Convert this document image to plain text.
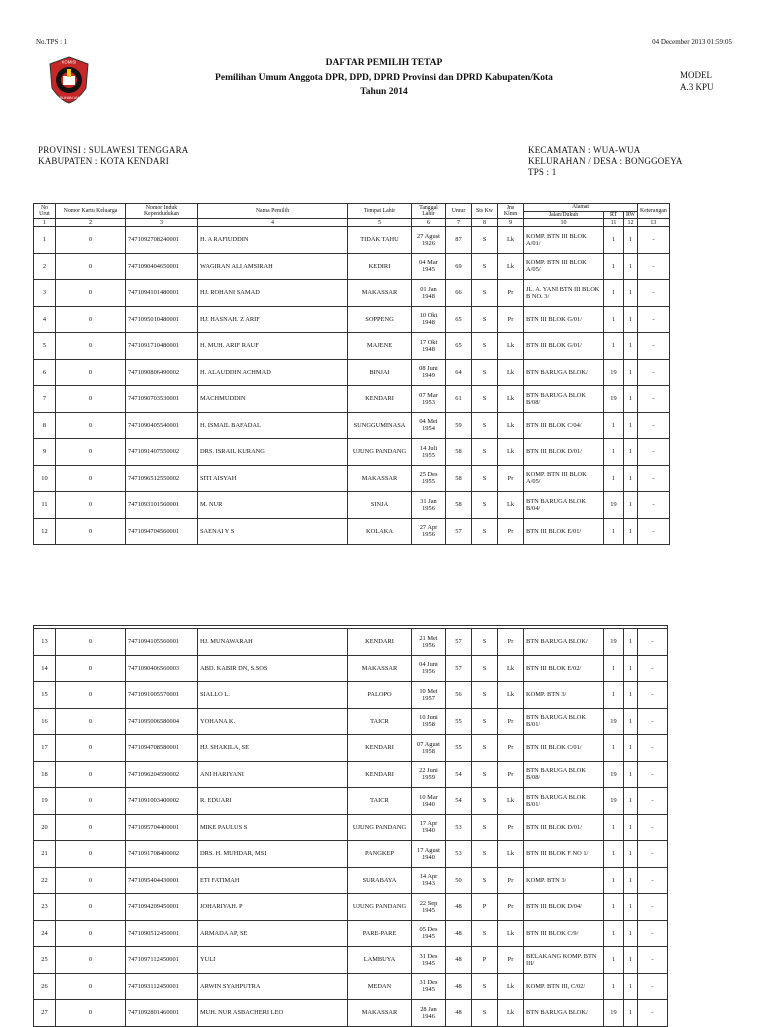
No.TPS : 1	04 December 2013 01:59:05
KOMISI
PEMILIHAN UMUM
DAFTAR PEMILIH TETAP
Pemilihan Umum Anggota DPR, DPD, DPRD Provinsi dan DPRD Kabupaten/Kota
Tahun 2014
MODEL
A.3 KPU
PROVINSI : SULAWESI TENGGARA
KABUPATEN : KOTA KENDARI
KECAMATAN : WUA-WUA
KELURAHAN / DESA : BONGGOEYA
TPS : 1
No Urut	Nomor Kartu Keluarga	Nomor Induk Kependudukan	Nama Pemilih	Tempat Lahir	Tanggal Lahir	Umur	Sts Kw	Jns Klmn	Alamat			Keterangan
									Jalan/Dukuh	RT	RW	
1	2	3	4	5	6	7	8	9	10	11	12	13
1	0	7471092708240001	H. A RAFIUDDIN	TIDAK TAHU	27 Agust 1926	87	S	Lk	KOMP. BTN III BLOK A/01/	1	1	-
2	0	7471090404650001	WAGIRAN ALI AMSIRAH	KEDIRI	04 Mar 1945	69	S	Lk	KOMP. BTN III BLOK A/05/	1	1	-
3	0	7471094101480001	HJ. ROHANI SAMAD	MAKASSAR	01 Jan 1948	66	S	Pr	JL. A. YANI BTN III BLOK B NO. 3/	1	1	-
4	0	7471095010480001	HJ. HASNAH. Z ARIF	SOPPENG	10 Okt 1948	65	S	Pr	BTN III BLOK G/01/	1	1	-
5	0	7471091710480001	H. MUH. ARIF RAUF	MAJENE	17 Okt 1948	65	S	Lk	BTN III BLOK G/01/	1	1	-
6	0	7471090806490002	H. ALAUDDIN ACHMAD	BINJAI	08 Juni 1949	64	S	Lk	BTN BARUGA BLOK/	19	1	-
7	0	7471090703530001	MACHMUDDIN	KENDARI	07 Mar 1953	61	S	Lk	BTN BARUGA BLOK B/08/	19	1	-
8	0	7471090405540001	H. ISMAIL BAFADAL	SUNGGUMINASA	04 Mei 1954	59	S	Lk	BTN III BLOK C/04/	1	1	-
9	0	7471091407550002	DRS. ISRAIL KURANG	UJUNG PANDANG	14 Juli 1955	58	S	Lk	BTN III BLOK D/01/	1	1	-
10	0	7471096512550002	SITI AISYAH	MAKASSAR	25 Des 1955	58	S	Pr	KOMP. BTN III BLOK A/05/	1	1	-
11	0	7471093101560001	M. NUR	SINJA	31 Jan 1956	58	S	Lk	BTN BARUGA BLOK B/04/	19	1	-
12	0	7471094704560001	SAENAI Y S	KOLAKA	27 Apr 1956	57	S	Pr	BTN III BLOK E/01/	1	1	-

13	0	7471094105560001	HJ. MUNAWARAH	KENDARI	21 Mei 1956	57	S	Pr	BTN BARUGA BLOK/	19	1	-
14	0	7471090406560003	ABD. KABIR DN, S.SOS	MAKASSAR	04 Juni 1956	57	S	Lk	BTN III BLOK E/02/	1	1	-
15	0	7471091005570001	SIALLO L.	PALOPO	10 Mei 1957	56	S	Lk	KOMP. BTN 3/	1	1	-
16	0	7471095006580004	YOHANA K.	TAICR	10 Juni 1958	55	S	Pr	BTN BARUGA BLOK B/01/	19	1	-
17	0	7471094708580001	HJ. SHAKILA, SE	KENDARI	07 Agust 1958	55	S	Pr	BTN III BLOK C/01/	1	1	-
18	0	7471096204590002	ANI HARIYANI	KENDARI	22 Juni 1959	54	S	Pr	BTN BARUGA BLOK B/08/	19	1	-
19	0	7471091003400002	R. EDUARI	TAICR	10 Mar 1940	54	S	Lk	BTN BARUGA BLOK B/01/	19	1	-
20	0	7471095704400001	MIKE PAULUS S	UJUNG PANDANG	17 Apr 1940	53	S	Pr	BTN III BLOK D/01/	1	1	-
21	0	7471091708400002	DRS. H. MUHDAR, MSI	PANGKEP	17 Agust 1940	53	S	Lk	BTN III BLOK F NO 1/	1	1	-
22	0	7471095404430001	ETI FATIMAH	SURABAYA	14 Apr 1943	50	S	Pr	KOMP. BTN 3/	1	1	-
23	0	7471094209450001	JOHARIYAH. P	UJUNG PANDANG	22 Sep 1945	48	P	Pr	BTN III BLOK D/04/	1	1	-
24	0	7471090512450001	ARMADA AP, SE	PARE-PARE	05 Des 1945	48	S	Lk	BTN III BLOK C/9/	1	1	-
25	0	7471097112450001	YULI	LAMBUYA	31 Des 1945	48	P	Pr	BELAKANG KOMP. BTN III/	1	1	-
26	0	7471093112450001	ARWIN SYAHPUTRA	MEDAN	31 Des 1945	48	S	Lk	KOMP. BTN III, C/02/	1	1	-
27	0	7471092801460001	MUH. NUR ASBACHERI LEO	MAKASSAR	28 Jan 1946	48	S	Lk	BTN BARUGA BLOK/	19	1	-
